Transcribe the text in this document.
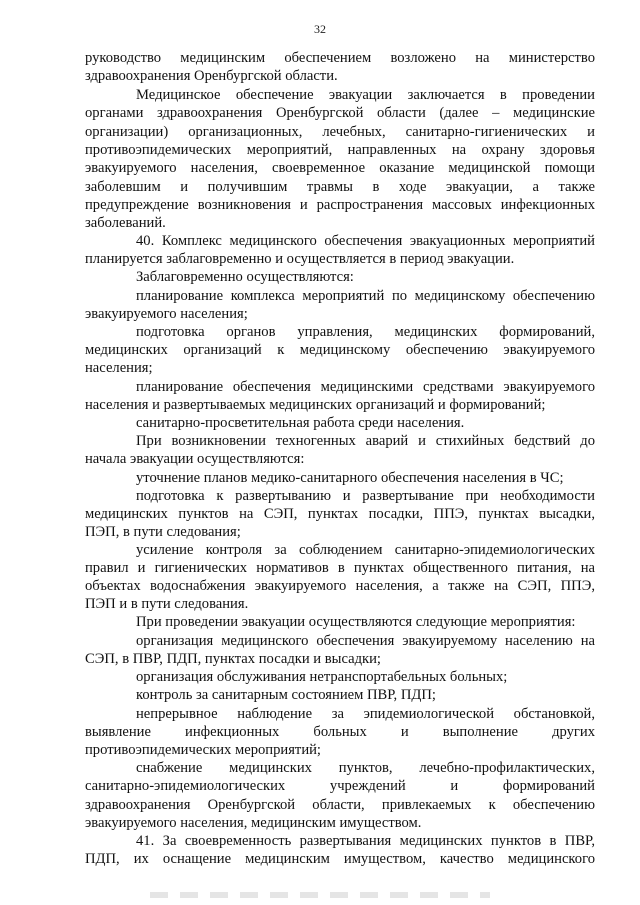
32
руководство медицинским обеспечением возложено на министерство
здравоохранения Оренбургской области.
Медицинское обеспечение эвакуации заключается в проведении
органами здравоохранения Оренбургской области (далее – медицинские
организации) организационных, лечебных, санитарно-гигиенических и
противоэпидемических мероприятий, направленных на охрану здоровья
эвакуируемого населения, своевременное оказание медицинской помощи
заболевшим и получившим травмы в ходе эвакуации, а также
предупреждение возникновения и распространения массовых инфекционных
заболеваний.
40. Комплекс медицинского обеспечения эвакуационных мероприятий
планируется заблаговременно и осуществляется в период эвакуации.
Заблаговременно осуществляются:
планирование комплекса мероприятий по медицинскому обеспечению
эвакуируемого населения;
подготовка органов управления, медицинских формирований,
медицинских организаций к медицинскому обеспечению эвакуируемого
населения;
планирование обеспечения медицинскими средствами эвакуируемого
населения и развертываемых медицинских организаций и формирований;
санитарно-просветительная работа среди населения.
При возникновении техногенных аварий и стихийных бедствий до
начала эвакуации осуществляются:
уточнение планов медико-санитарного обеспечения населения в ЧС;
подготовка к развертыванию и развертывание при необходимости
медицинских пунктов на СЭП, пунктах посадки, ППЭ, пунктах высадки,
ПЭП, в пути следования;
усиление контроля за соблюдением санитарно-эпидемиологических
правил и гигиенических нормативов в пунктах общественного питания, на
объектах водоснабжения эвакуируемого населения, а также на СЭП, ППЭ,
ПЭП и в пути следования.
При проведении эвакуации осуществляются следующие мероприятия:
организация медицинского обеспечения эвакуируемому населению на
СЭП, в ПВР, ПДП, пунктах посадки и высадки;
организация обслуживания нетранспортабельных больных;
контроль за санитарным состоянием ПВР, ПДП;
непрерывное наблюдение за эпидемиологической обстановкой,
выявление инфекционных больных и выполнение других
противоэпидемических мероприятий;
снабжение медицинских пунктов, лечебно-профилактических,
санитарно-эпидемиологических учреждений и формирований
здравоохранения Оренбургской области, привлекаемых к обеспечению
эвакуируемого населения, медицинским имуществом.
41. За своевременность развертывания медицинских пунктов в ПВР,
ПДП, их оснащение медицинским имуществом, качество медицинского
